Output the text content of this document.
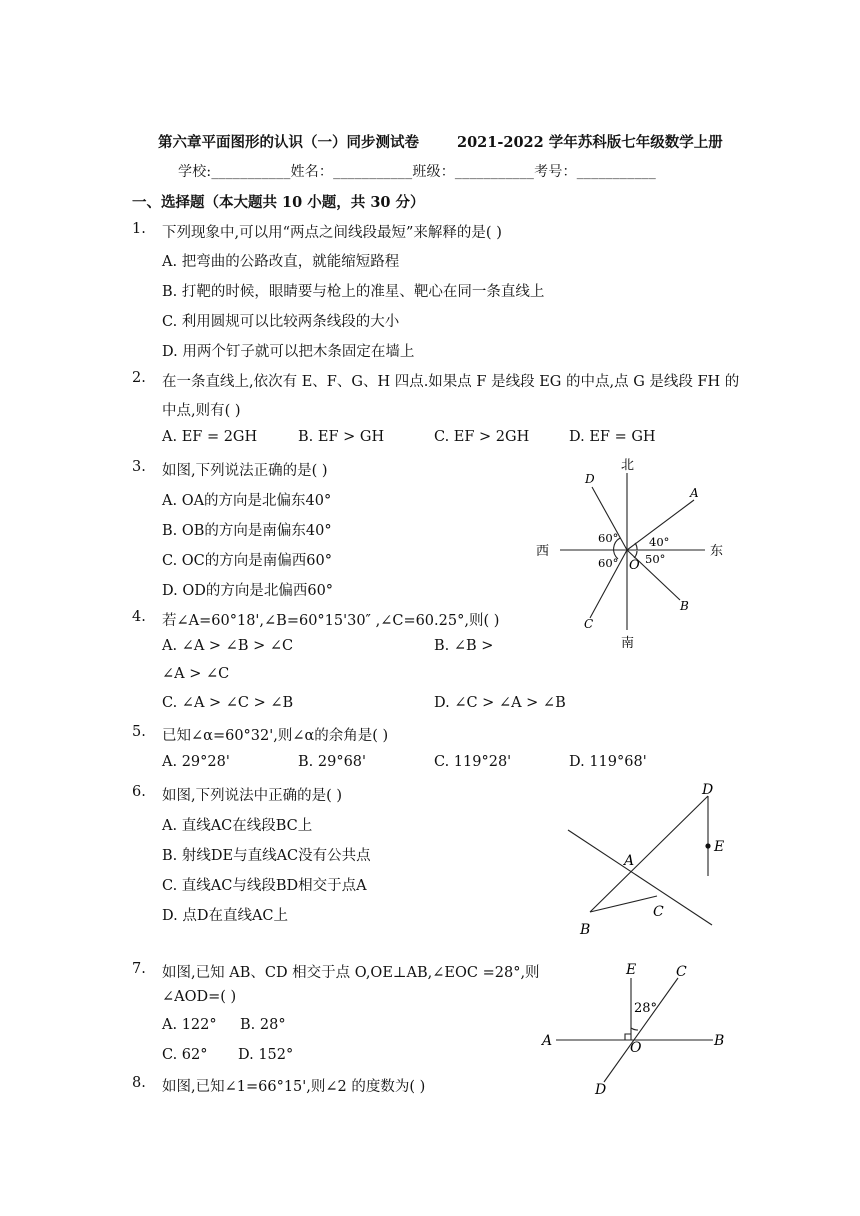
第六章平面图形的认识（一）同步测试卷	2021-2022 学年苏科版七年级数学上册
学校:___________姓名：___________班级：___________考号：___________
一、选择题（本大题共 10 小题，共 30 分）
1. 下列现象中,可以用“两点之间线段最短”来解释的是( )
A. 把弯曲的公路改直，就能缩短路程
B. 打靶的时候，眼睛要与枪上的准星、靶心在同一条直线上
C. 利用圆规可以比较两条线段的大小
D. 用两个钉子就可以把木条固定在墙上
2. 在一条直线上,依次有 E、F、G、H 四点.如果点 F 是线段 EG 的中点,点 G 是线段 FH 的
中点,则有( )
A. EF = 2GH	B. EF > GH	C. EF > 2GH	D. EF = GH
3. 如图,下列说法正确的是( )
A. OA的方向是北偏东40°
B. OB的方向是南偏东40°
C. OC的方向是南偏西60°
D. OD的方向是北偏西60°
北
南
西	东
O
A
B
C
D
60°
60°
40°
50°
4. 若∠A=60°18',∠B=60°15'30″ ,∠C=60.25°,则( )
A. ∠A > ∠B > ∠C	B. ∠B >
∠A > ∠C
C. ∠A > ∠C > ∠B	D. ∠C > ∠A > ∠B
5. 已知∠α=60°32',则∠α的余角是( )
A. 29°28'	B. 29°68'	C. 119°28'	D. 119°68'
6. 如图,下列说法中正确的是( )
A. 直线AC在线段BC上
B. 射线DE与直线AC没有公共点
C. 直线AC与线段BD相交于点A
D. 点D在直线AC上
D
E
A
C
B
7. 如图,已知 AB、CD 相交于点 O,OE⊥AB,∠EOC =28°,则
∠AOD=( )
A. 122° B. 28°
C. 62° D. 152°
E	C
28°
A	B
O
D
8. 如图,已知∠1=66°15',则∠2 的度数为( )
